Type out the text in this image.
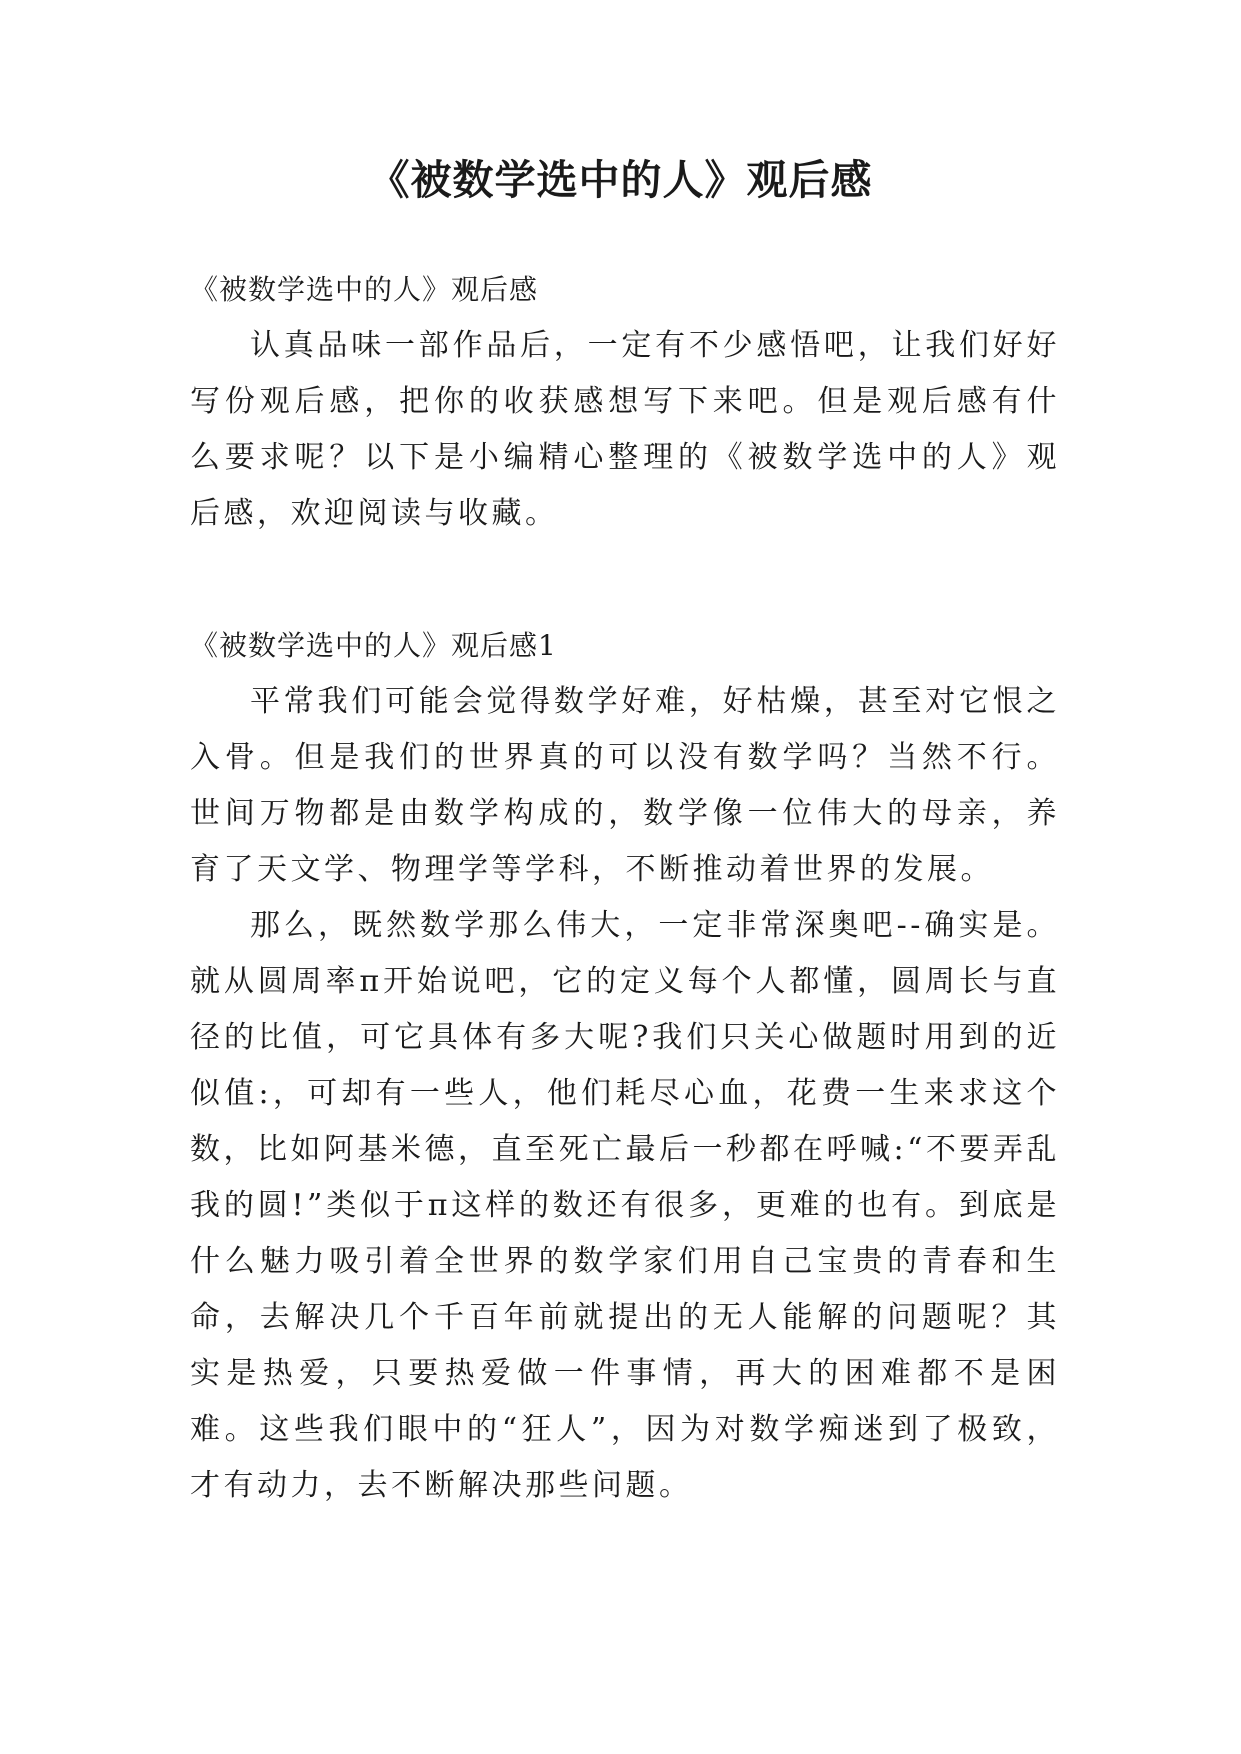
《被数学选中的人》观后感

《被数学选中的人》观后感

认真品味一部作品后，一定有不少感悟吧，让我们好好写份观后感，把你的收获感想写下来吧。但是观后感有什么要求呢？以下是小编精心整理的《被数学选中的人》观后感，欢迎阅读与收藏。

《被数学选中的人》观后感1

平常我们可能会觉得数学好难，好枯燥，甚至对它恨之入骨。但是我们的世界真的可以没有数学吗？当然不行。世间万物都是由数学构成的，数学像一位伟大的母亲，养育了天文学、物理学等学科，不断推动着世界的发展。

那么，既然数学那么伟大，一定非常深奥吧--确实是。就从圆周率π开始说吧，它的定义每个人都懂，圆周长与直径的比值，可它具体有多大呢?我们只关心做题时用到的近似值:，可却有一些人，他们耗尽心血，花费一生来求这个数，比如阿基米德，直至死亡最后一秒都在呼喊:“不要弄乱我的圆!”类似于π这样的数还有很多，更难的也有。到底是什么魅力吸引着全世界的数学家们用自己宝贵的青春和生命，去解决几个千百年前就提出的无人能解的问题呢？其实是热爱，只要热爱做一件事情，再大的困难都不是困难。这些我们眼中的“狂人”，因为对数学痴迷到了极致，才有动力，去不断解决那些问题。
